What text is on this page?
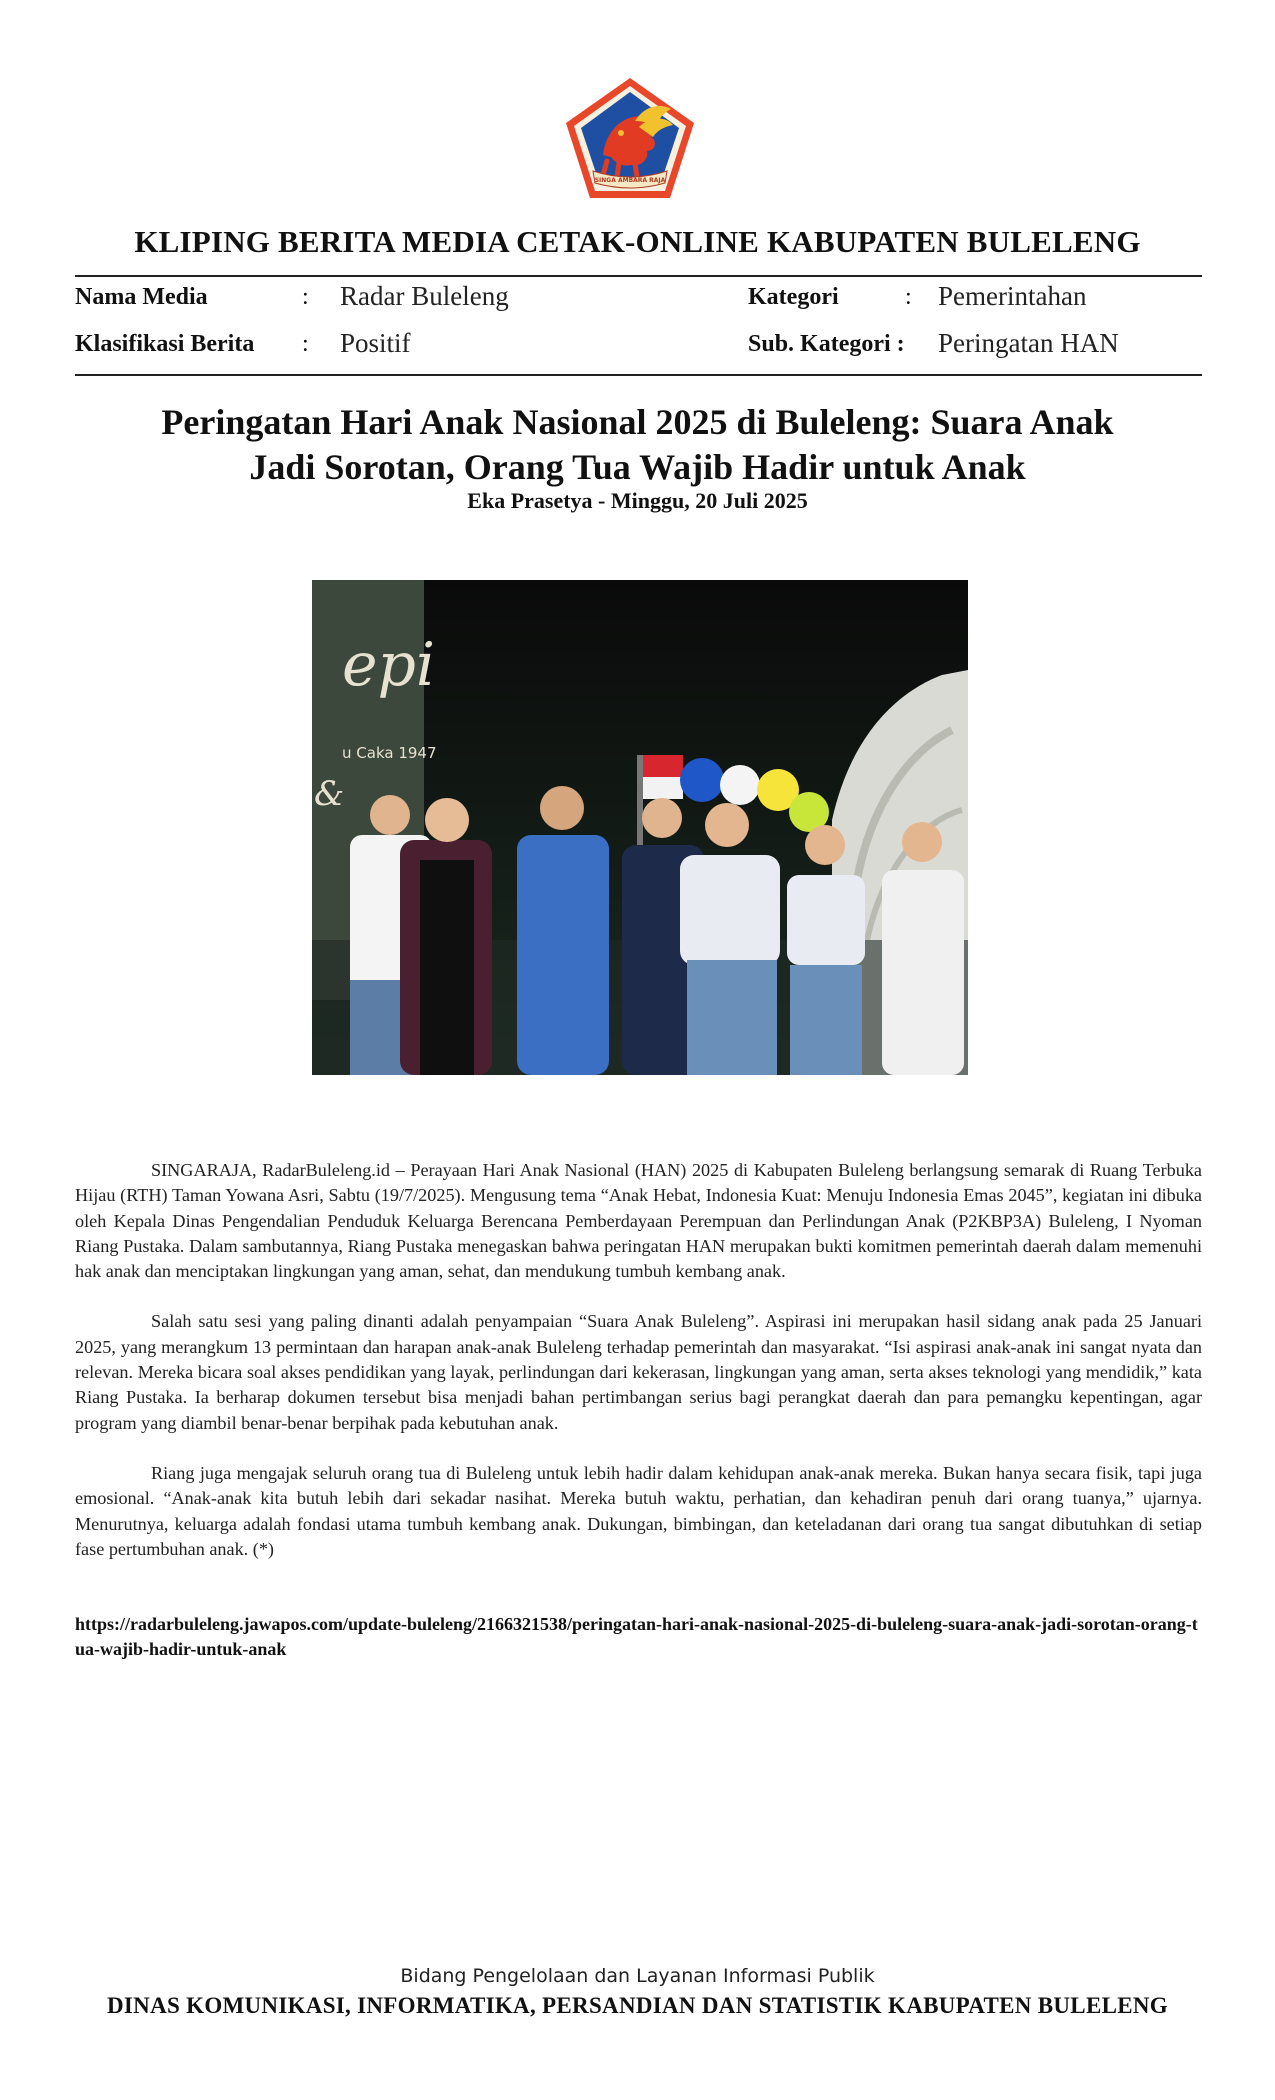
SINGA AMBARA RAJA
KLIPING BERITA MEDIA CETAK-ONLINE KABUPATEN BULELENG
Nama Media	: Radar Buleleng
Klasifikasi Berita : Positif
Kategori	: Pemerintahan
Sub. Kategori : Peringatan HAN
Peringatan Hari Anak Nasional 2025 di Buleleng: Suara Anak
Jadi Sorotan, Orang Tua Wajib Hadir untuk Anak
Eka Prasetya - Minggu, 20 Juli 2025
epi
u Caka 1947
&

SINGARAJA, RadarBuleleng.id – Perayaan Hari Anak Nasional (HAN) 2025 di Kabupaten Buleleng berlangsung semarak di Ruang Terbuka Hijau (RTH) Taman Yowana Asri, Sabtu (19/7/2025). Mengusung tema “Anak Hebat, Indonesia Kuat: Menuju Indonesia Emas 2045”, kegiatan ini dibuka oleh Kepala Dinas Pengendalian Penduduk Keluarga Berencana Pemberdayaan Perempuan dan Perlindungan Anak (P2KBP3A) Buleleng, I Nyoman Riang Pustaka. Dalam sambutannya, Riang Pustaka menegaskan bahwa peringatan HAN merupakan bukti komitmen pemerintah daerah dalam memenuhi hak anak dan menciptakan lingkungan yang aman, sehat, dan mendukung tumbuh kembang anak.

Salah satu sesi yang paling dinanti adalah penyampaian “Suara Anak Buleleng”. Aspirasi ini merupakan hasil sidang anak pada 25 Januari 2025, yang merangkum 13 permintaan dan harapan anak-anak Buleleng terhadap pemerintah dan masyarakat. “Isi aspirasi anak-anak ini sangat nyata dan relevan. Mereka bicara soal akses pendidikan yang layak, perlindungan dari kekerasan, lingkungan yang aman, serta akses teknologi yang mendidik,” kata Riang Pustaka. Ia berharap dokumen tersebut bisa menjadi bahan pertimbangan serius bagi perangkat daerah dan para pemangku kepentingan, agar program yang diambil benar-benar berpihak pada kebutuhan anak.

Riang juga mengajak seluruh orang tua di Buleleng untuk lebih hadir dalam kehidupan anak-anak mereka. Bukan hanya secara fisik, tapi juga emosional. “Anak-anak kita butuh lebih dari sekadar nasihat. Mereka butuh waktu, perhatian, dan kehadiran penuh dari orang tuanya,” ujarnya. Menurutnya, keluarga adalah fondasi utama tumbuh kembang anak. Dukungan, bimbingan, dan keteladanan dari orang tua sangat dibutuhkan di setiap fase pertumbuhan anak. (*)

https://radarbuleleng.jawapos.com/update-buleleng/2166321538/peringatan-hari-anak-nasional-2025-di-buleleng-suara-anak-jadi-sorotan-orang-tua-wajib-hadir-untuk-anak
Bidang Pengelolaan dan Layanan Informasi Publik
DINAS KOMUNIKASI, INFORMATIKA, PERSANDIAN DAN STATISTIK KABUPATEN BULELENG
